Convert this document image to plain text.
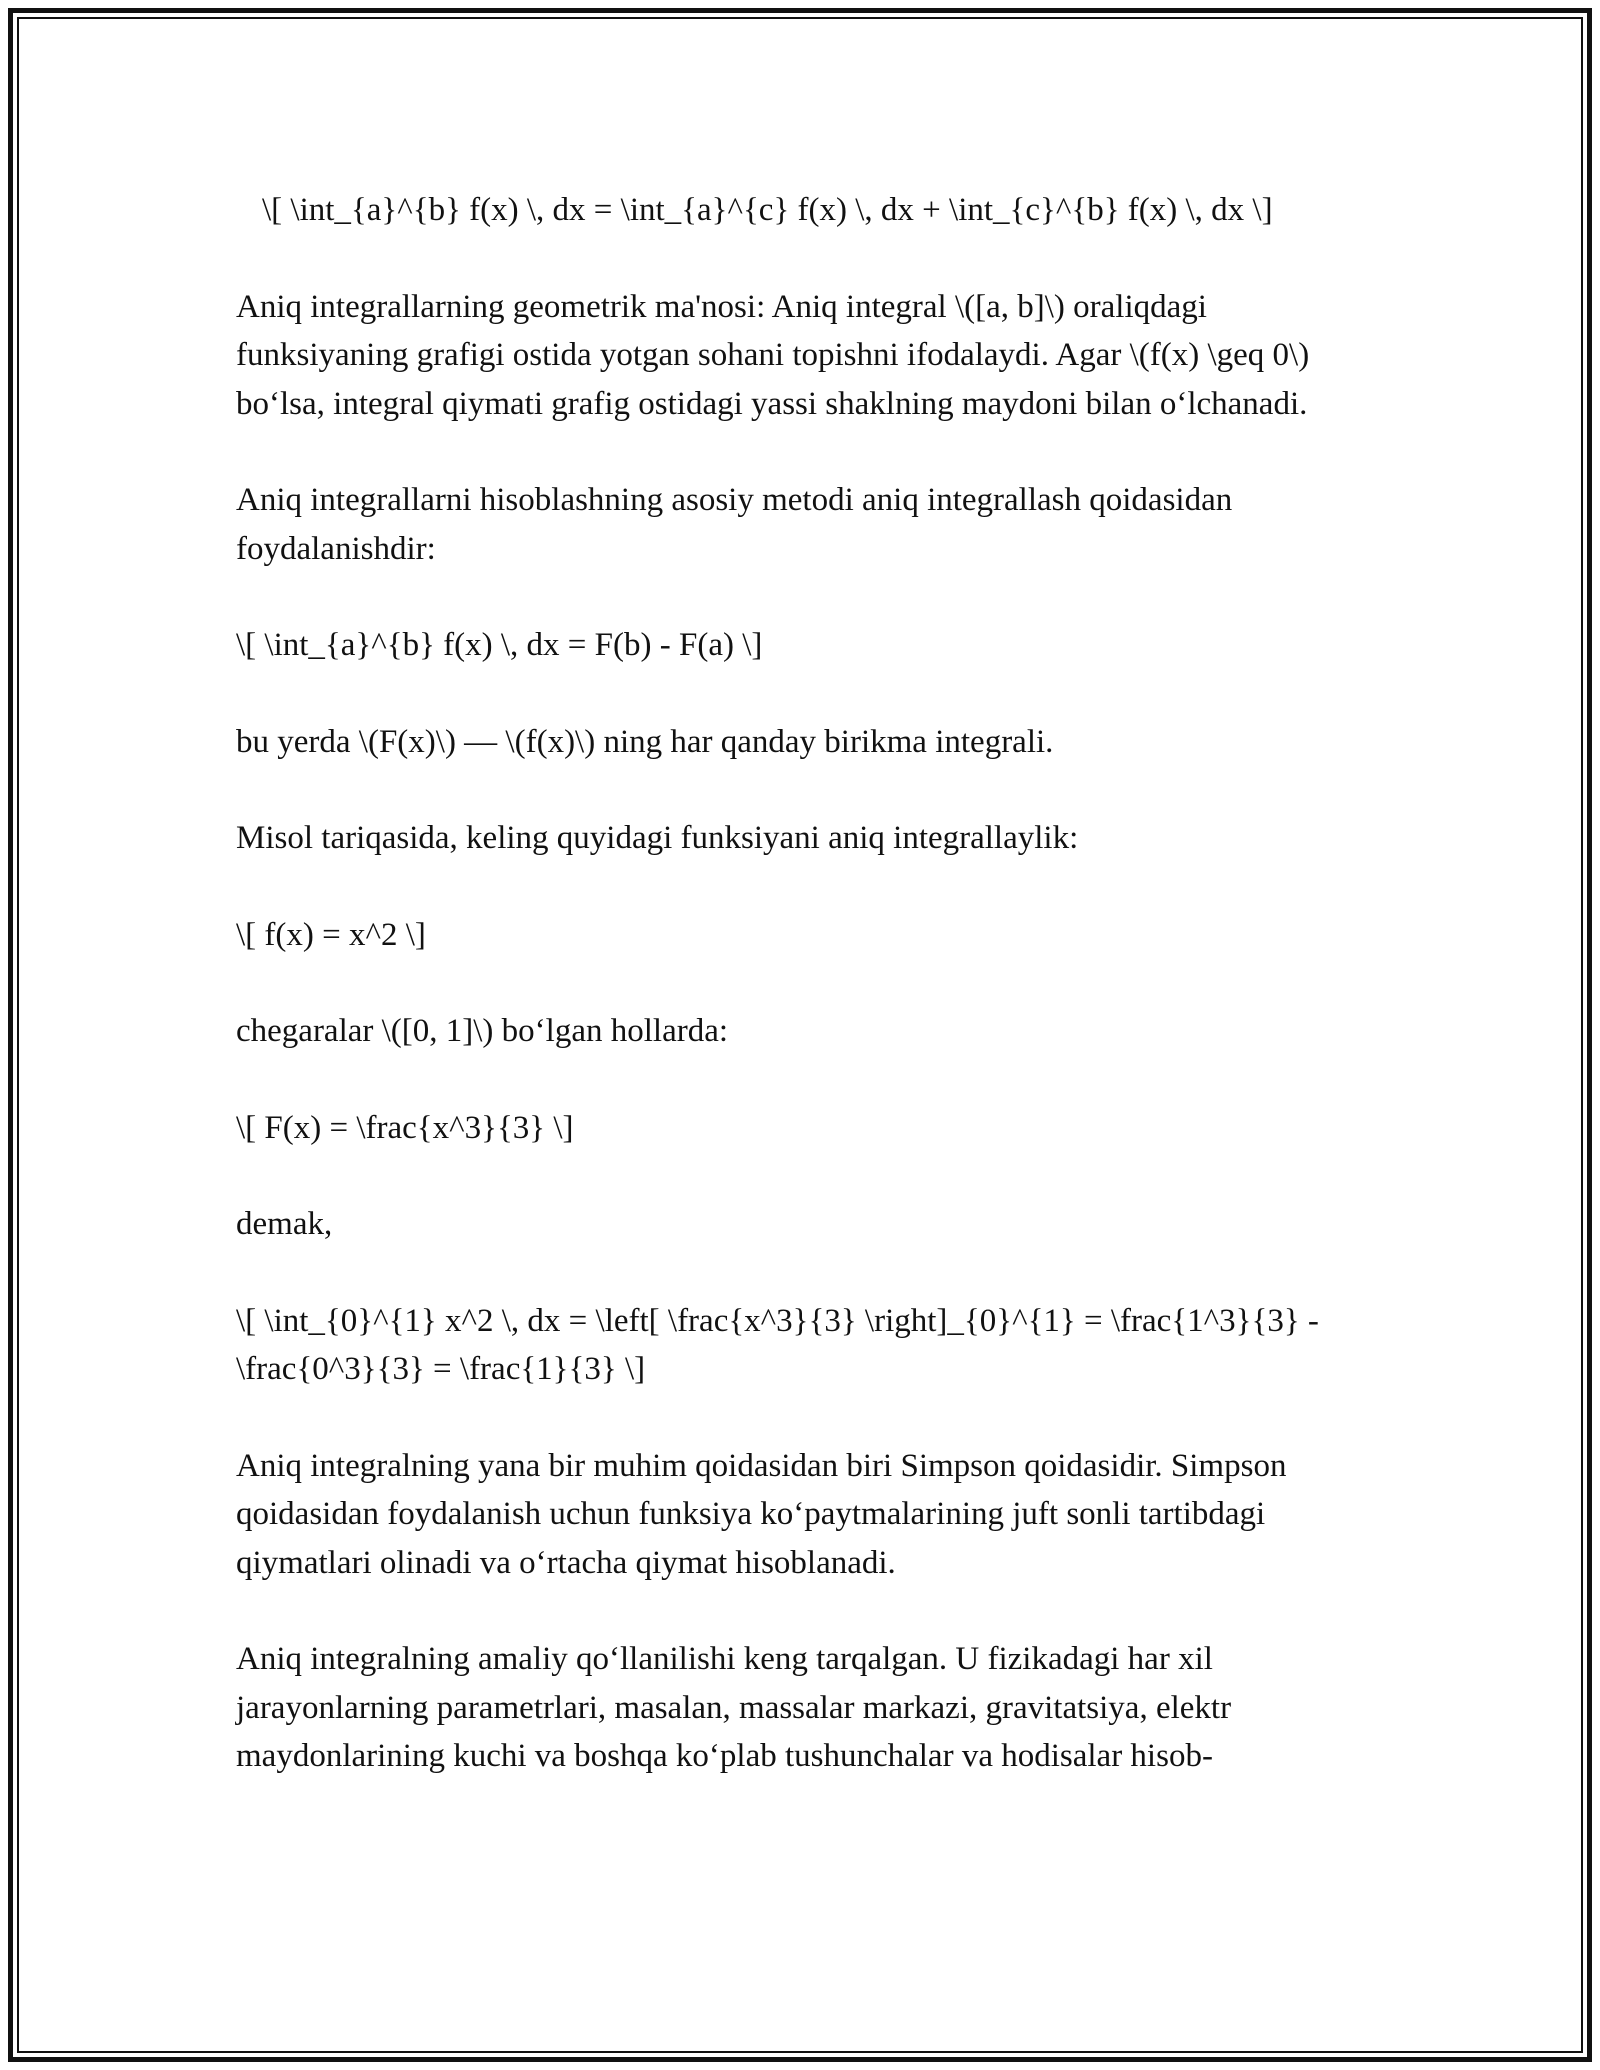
\[ \int_{a}^{b} f(x) \, dx = \int_{a}^{c} f(x) \, dx + \int_{c}^{b} f(x) \, dx \]

Aniq integrallarning geometrik ma'nosi: Aniq integral \([a, b]\) oraliqdagi funksiyaning grafigi ostida yotgan sohani topishni ifodalaydi. Agar \(f(x) \geq 0\) bo‘lsa, integral qiymati grafig ostidagi yassi shaklning maydoni bilan o‘lchanadi.

Aniq integrallarni hisoblashning asosiy metodi aniq integrallash qoidasidan foydalanishdir:

\[ \int_{a}^{b} f(x) \, dx = F(b) - F(a) \]

bu yerda \(F(x)\) — \(f(x)\) ning har qanday birikma integrali.

Misol tariqasida, keling quyidagi funksiyani aniq integrallaylik:

\[ f(x) = x^2 \]

chegaralar \([0, 1]\) bo‘lgan hollarda:

\[ F(x) = \frac{x^3}{3} \]

demak,

\[ \int_{0}^{1} x^2 \, dx = \left[ \frac{x^3}{3} \right]_{0}^{1} = \frac{1^3}{3} - \frac{0^3}{3} = \frac{1}{3} \]

Aniq integralning yana bir muhim qoidasidan biri Simpson qoidasidir. Simpson qoidasidan foydalanish uchun funksiya ko‘paytmalarining juft sonli tartibdagi qiymatlari olinadi va o‘rtacha qiymat hisoblanadi.

Aniq integralning amaliy qo‘llanilishi keng tarqalgan. U fizikadagi har xil jarayonlarning parametrlari, masalan, massalar markazi, gravitatsiya, elektr maydonlarining kuchi va boshqa ko‘plab tushunchalar va hodisalar hisob-
